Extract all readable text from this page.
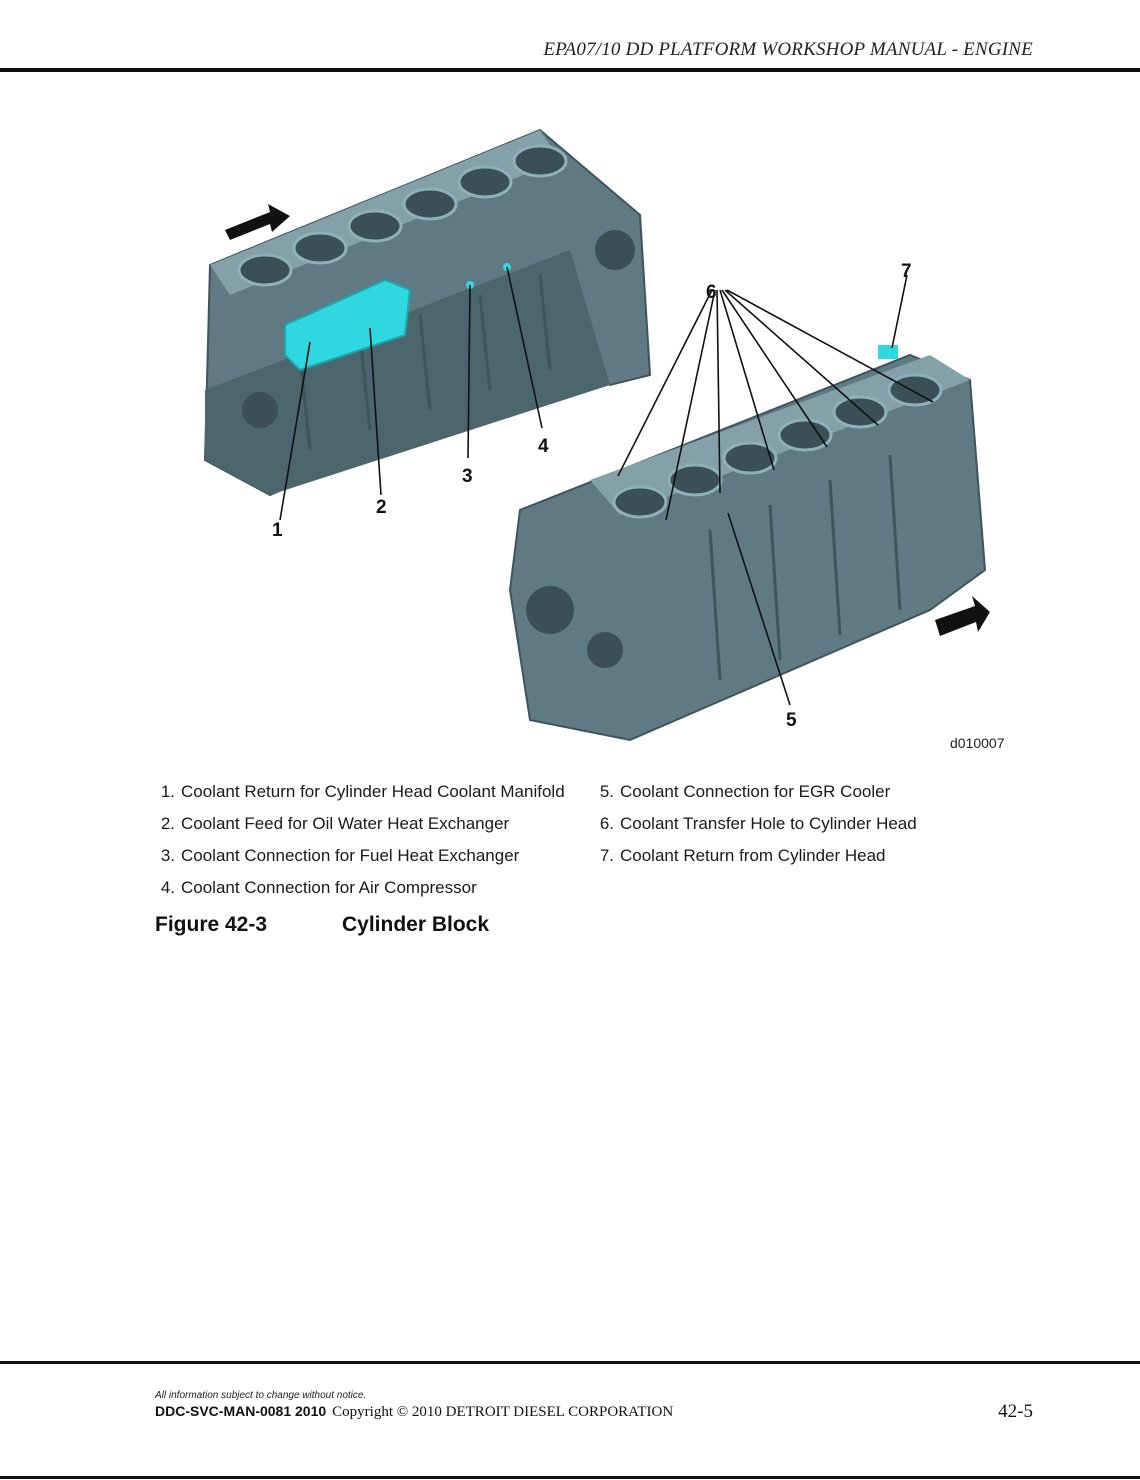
EPA07/10 DD PLATFORM WORKSHOP MANUAL - ENGINE
1
2
3
4
5
6
7
d010007
1. Coolant Return for Cylinder Head Coolant Manifold
2. Coolant Feed for Oil Water Heat Exchanger
3. Coolant Connection for Fuel Heat Exchanger
4. Coolant Connection for Air Compressor
5. Coolant Connection for EGR Cooler
6. Coolant Transfer Hole to Cylinder Head
7. Coolant Return from Cylinder Head
Figure 42-3	Cylinder Block
All information subject to change without notice.
DDC-SVC-MAN-0081 2010 Copyright © 2010 DETROIT DIESEL CORPORATION	42-5
